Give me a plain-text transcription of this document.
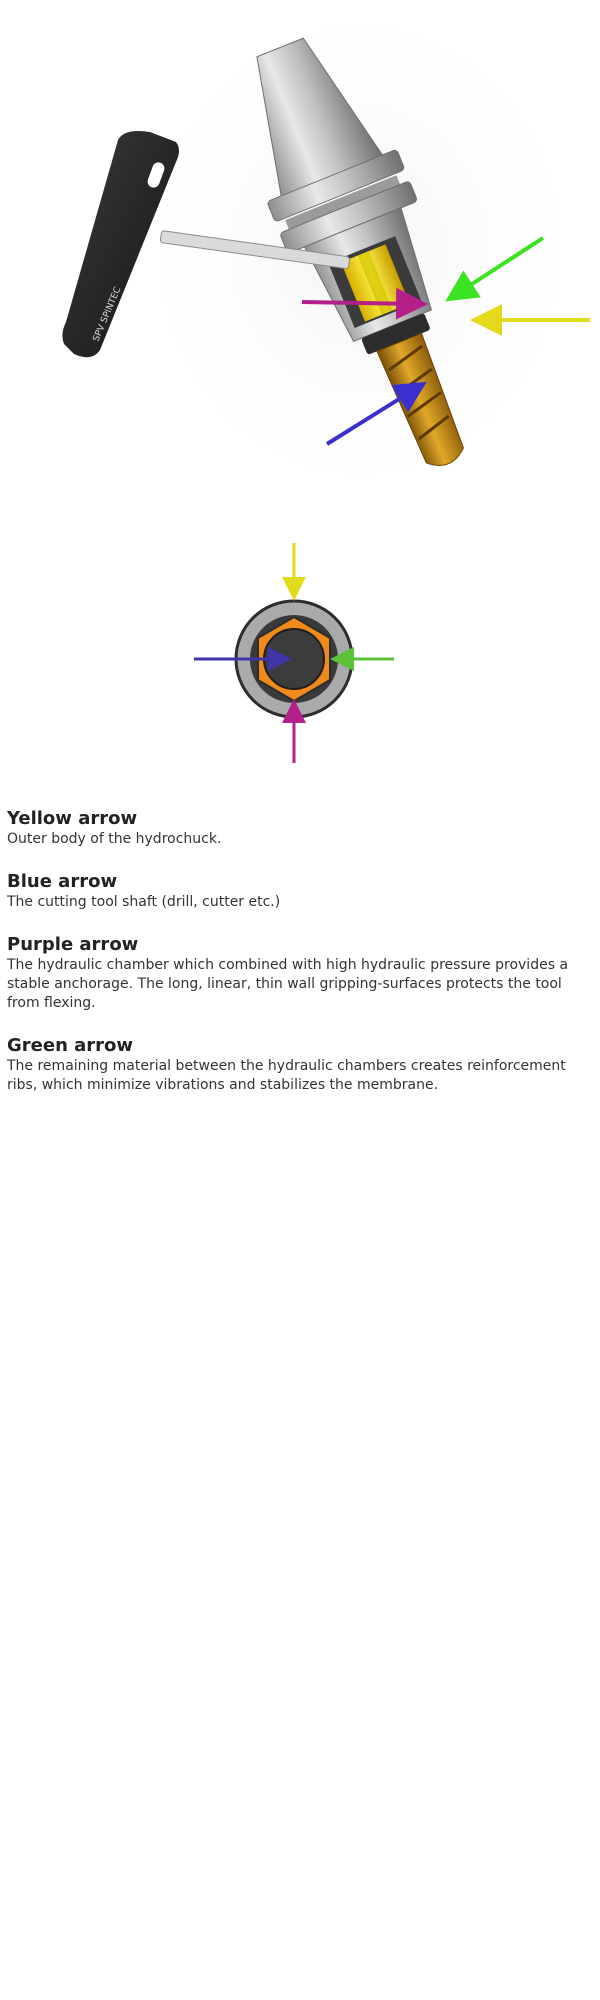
SPV SPINTEC

Yellow arrow

Outer body of the hydrochuck.

Blue arrow

The cutting tool shaft (drill, cutter etc.)

Purple arrow

The hydraulic chamber which combined with high hydraulic pressure provides a stable anchorage. The long, linear, thin wall gripping-surfaces protects the tool from flexing.

Green arrow

The remaining material between the hydraulic chambers creates reinforcement ribs, which minimize vibrations and stabilizes the membrane.
